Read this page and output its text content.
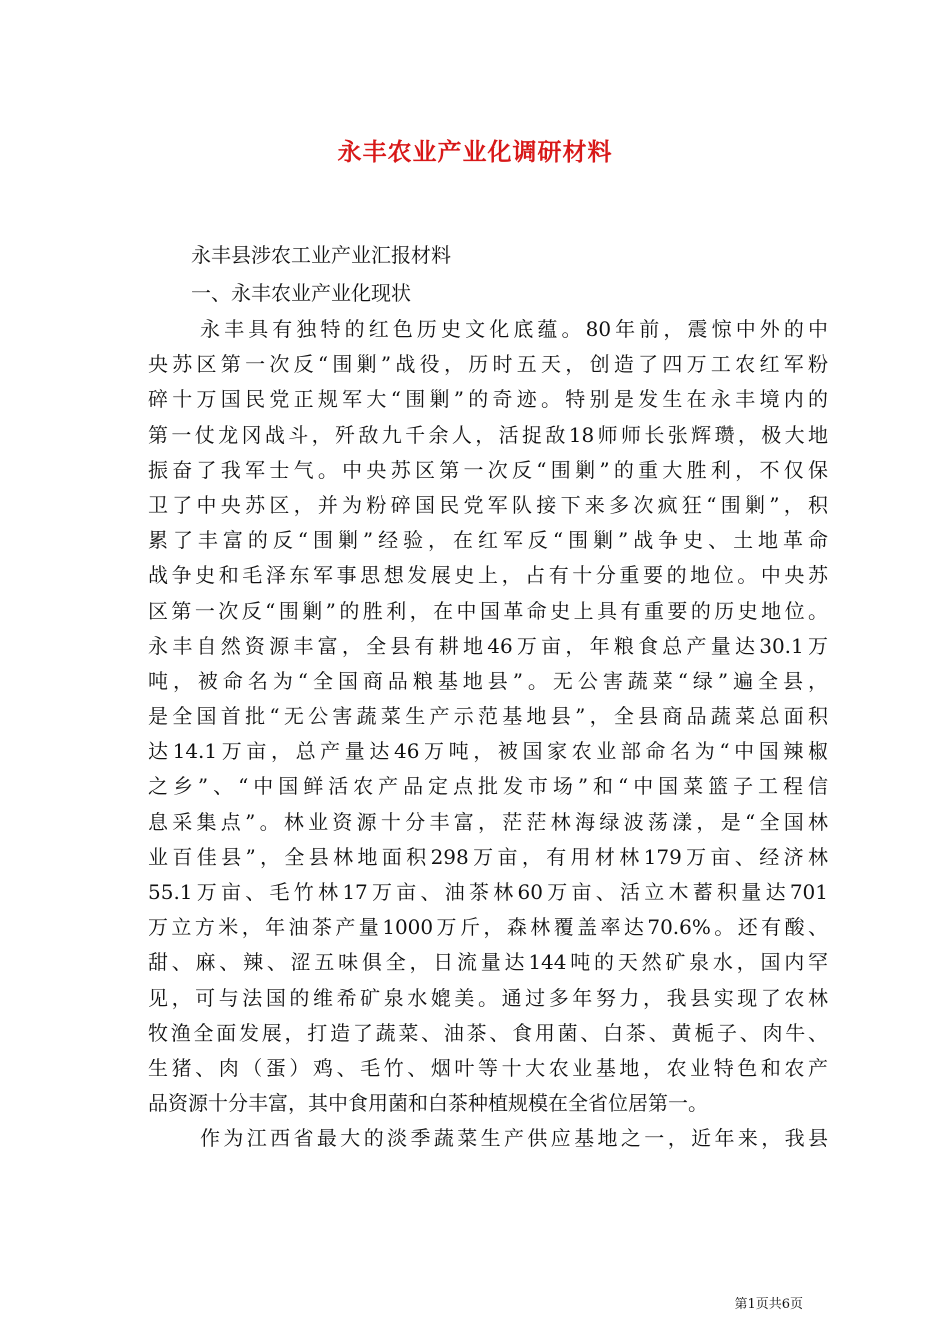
永丰农业产业化调研材料
永丰县涉农工业产业汇报材料
一、永丰农业产业化现状
永丰具有独特的红色历史文化底蕴。80年前，震惊中外的中
央苏区第一次反“围剿”战役，历时五天，创造了四万工农红军粉
碎十万国民党正规军大“围剿”的奇迹。特别是发生在永丰境内的
第一仗龙冈战斗，歼敌九千余人，活捉敌18师师长张辉瓒，极大地
振奋了我军士气。中央苏区第一次反“围剿”的重大胜利，不仅保
卫了中央苏区，并为粉碎国民党军队接下来多次疯狂“围剿”，积
累了丰富的反“围剿”经验，在红军反“围剿”战争史、土地革命
战争史和毛泽东军事思想发展史上，占有十分重要的地位。中央苏
区第一次反“围剿”的胜利，在中国革命史上具有重要的历史地位。
永丰自然资源丰富，全县有耕地46万亩，年粮食总产量达30.1万
吨，被命名为“全国商品粮基地县”。无公害蔬菜“绿”遍全县，
是全国首批“无公害蔬菜生产示范基地县”，全县商品蔬菜总面积
达14.1万亩，总产量达46万吨，被国家农业部命名为“中国辣椒
之乡”、“中国鲜活农产品定点批发市场”和“中国菜篮子工程信
息采集点”。林业资源十分丰富，茫茫林海绿波荡漾，是“全国林
业百佳县”，全县林地面积298万亩，有用材林179万亩、经济林
55.1万亩、毛竹林17万亩、油茶林60万亩、活立木蓄积量达701
万立方米，年油茶产量1000万斤，森林覆盖率达70.6%。还有酸、
甜、麻、辣、涩五味俱全，日流量达144吨的天然矿泉水，国内罕
见，可与法国的维希矿泉水媲美。通过多年努力，我县实现了农林
牧渔全面发展，打造了蔬菜、油茶、食用菌、白茶、黄栀子、肉牛、
生猪、肉（蛋）鸡、毛竹、烟叶等十大农业基地，农业特色和农产
品资源十分丰富，其中食用菌和白茶种植规模在全省位居第一。
作为江西省最大的淡季蔬菜生产供应基地之一，近年来，我县
第1页共6页
